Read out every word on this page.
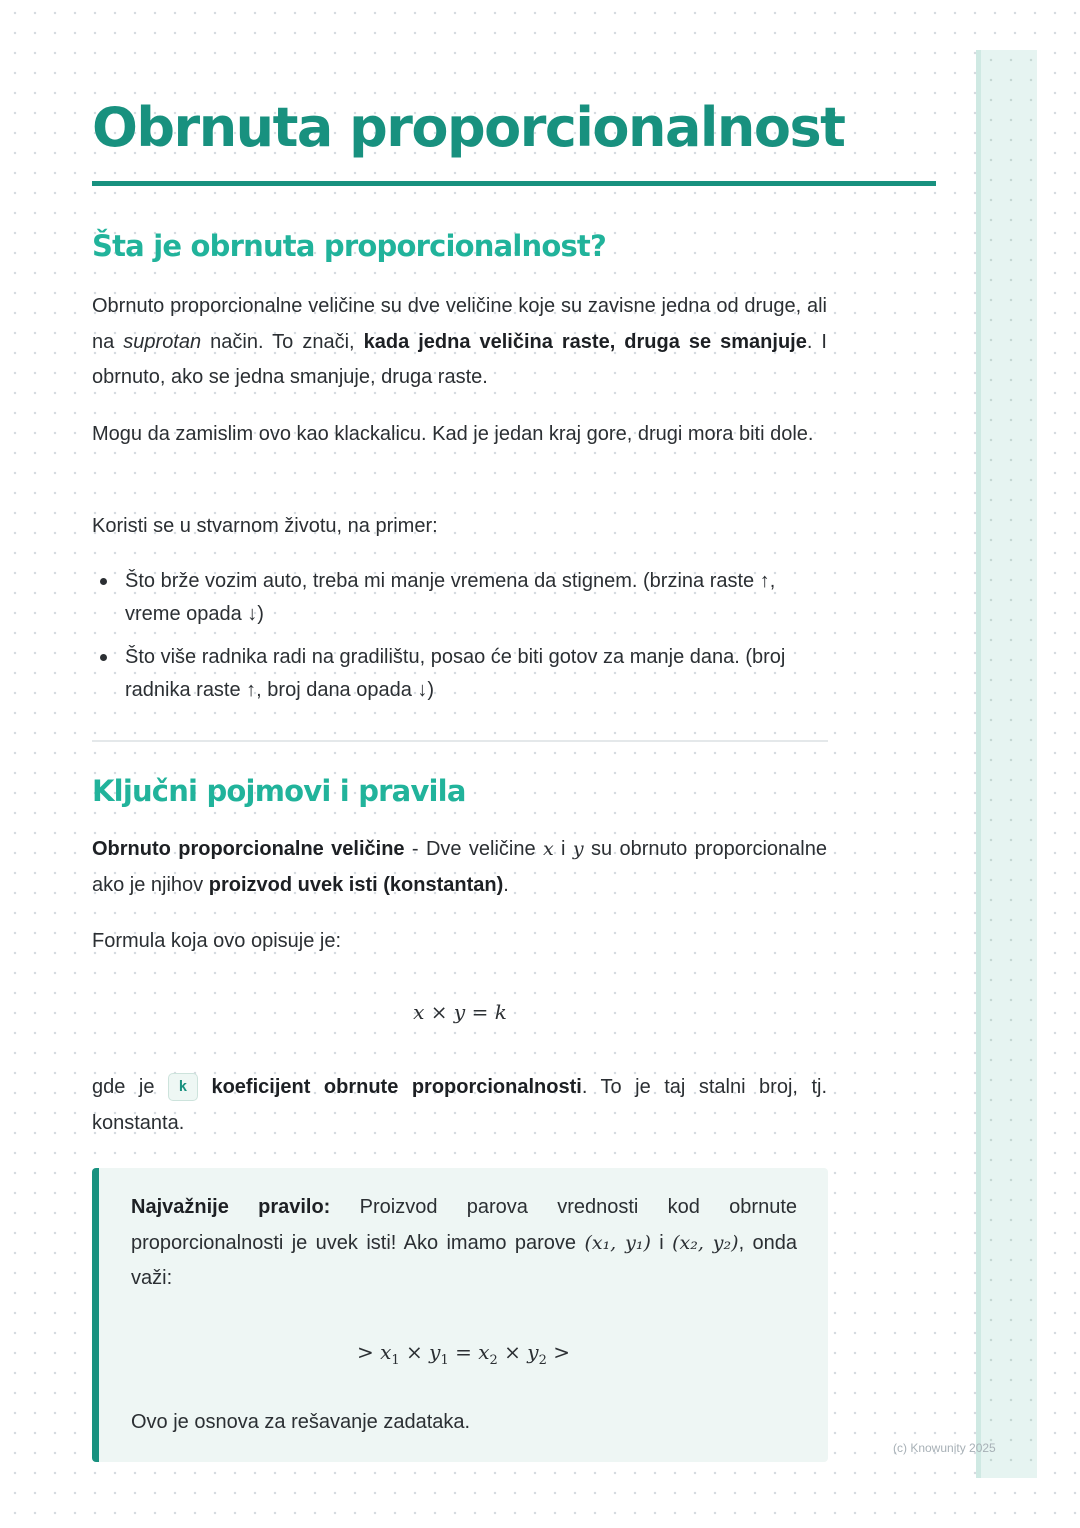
Obrnuta proporcionalnost
Šta je obrnuta proporcionalnost?

Obrnuto proporcionalne veličine su dve veličine koje su zavisne jedna od druge, ali na suprotan način. To znači, kada jedna veličina raste, druga se smanjuje. I obrnuto, ako se jedna smanjuje, druga raste.

Mogu da zamislim ovo kao klackalicu. Kad je jedan kraj gore, drugi mora biti dole.

Koristi se u stvarnom životu, na primer:

Što brže vozim auto, treba mi manje vremena da stignem. (brzina raste ↑, vreme opada ↓)
Što više radnika radi na gradilištu, posao će biti gotov za manje dana. (broj radnika raste ↑, broj dana opada ↓)
Ključni pojmovi i pravila

Obrnuto proporcionalne veličine - Dve veličine x i y su obrnuto proporcionalne ako je njihov proizvod uvek isti (konstantan).

Formula koja ovo opisuje je:

x × y = k

gde je k koeficijent obrnute proporcionalnosti. To je taj stalni broj, tj. konstanta.

Najvažnije pravilo: Proizvod parova vrednosti kod obrnute proporcionalnosti je uvek isti! Ako imamo parove (x₁, y₁) i (x₂, y₂), onda važi:

> $x_1 \times y_1 = x_2 \times y_2$ >

Ovo je osnova za rešavanje zadataka.

(c) Knowunity 2025
